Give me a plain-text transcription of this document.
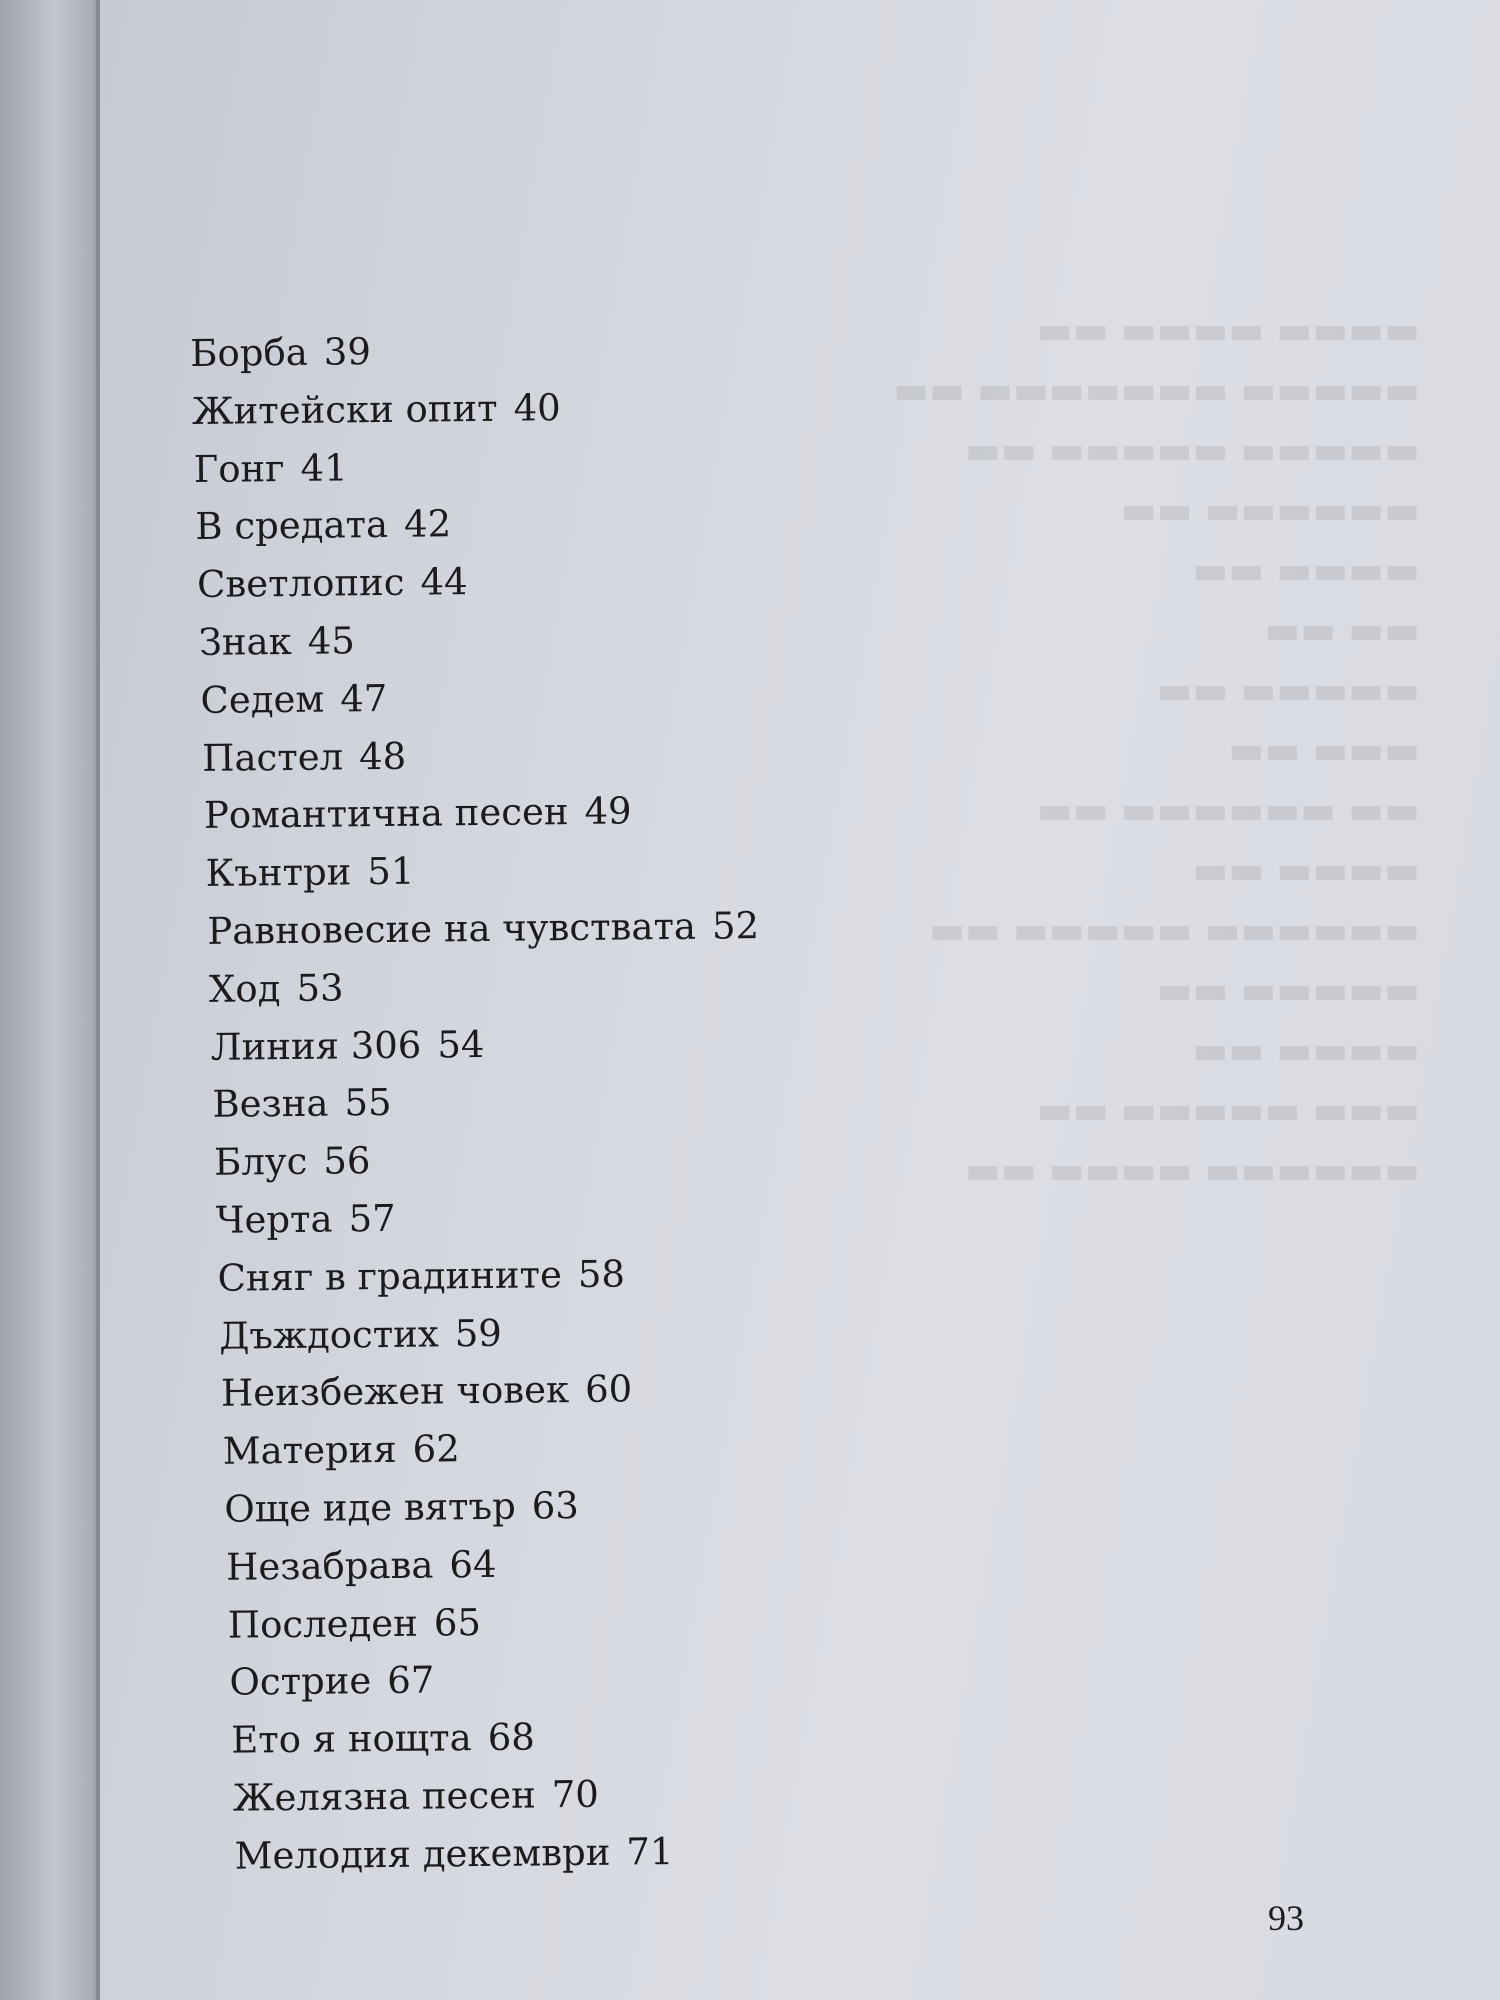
▬▬▬▬ ▬▬▬▬ ▬▬
▬▬▬▬▬ ▬▬▬▬▬▬▬ ▬▬
▬▬▬▬▬ ▬▬▬▬▬ ▬▬
▬▬▬▬▬▬ ▬▬
▬▬▬▬ ▬▬
▬▬ ▬▬
▬▬▬▬▬ ▬▬
▬▬▬ ▬▬
▬▬ ▬▬▬▬▬▬ ▬▬
▬▬▬▬ ▬▬
▬▬▬▬▬▬ ▬▬▬▬▬ ▬▬
▬▬▬▬▬ ▬▬
▬▬▬▬ ▬▬
▬▬▬ ▬▬▬▬▬ ▬▬
▬▬▬▬▬▬ ▬▬▬▬ ▬▬
Борба 39
Житейски опит 40
Гонг 41
В средата 42
Светлопис 44
Знак 45
Седем 47
Пастел 48
Романтична песен 49
Кънтри 51
Равновесие на чувствата 52
Ход 53
Линия 306 54
Везна 55
Блус 56
Черта 57
Сняг в градините 58
Дъждостих 59
Неизбежен човек 60
Материя 62
Още иде вятър 63
Незабрава 64
Последен 65
Острие 67
Ето я нощта 68
Желязна песен 70
Мелодия декември 71
93
